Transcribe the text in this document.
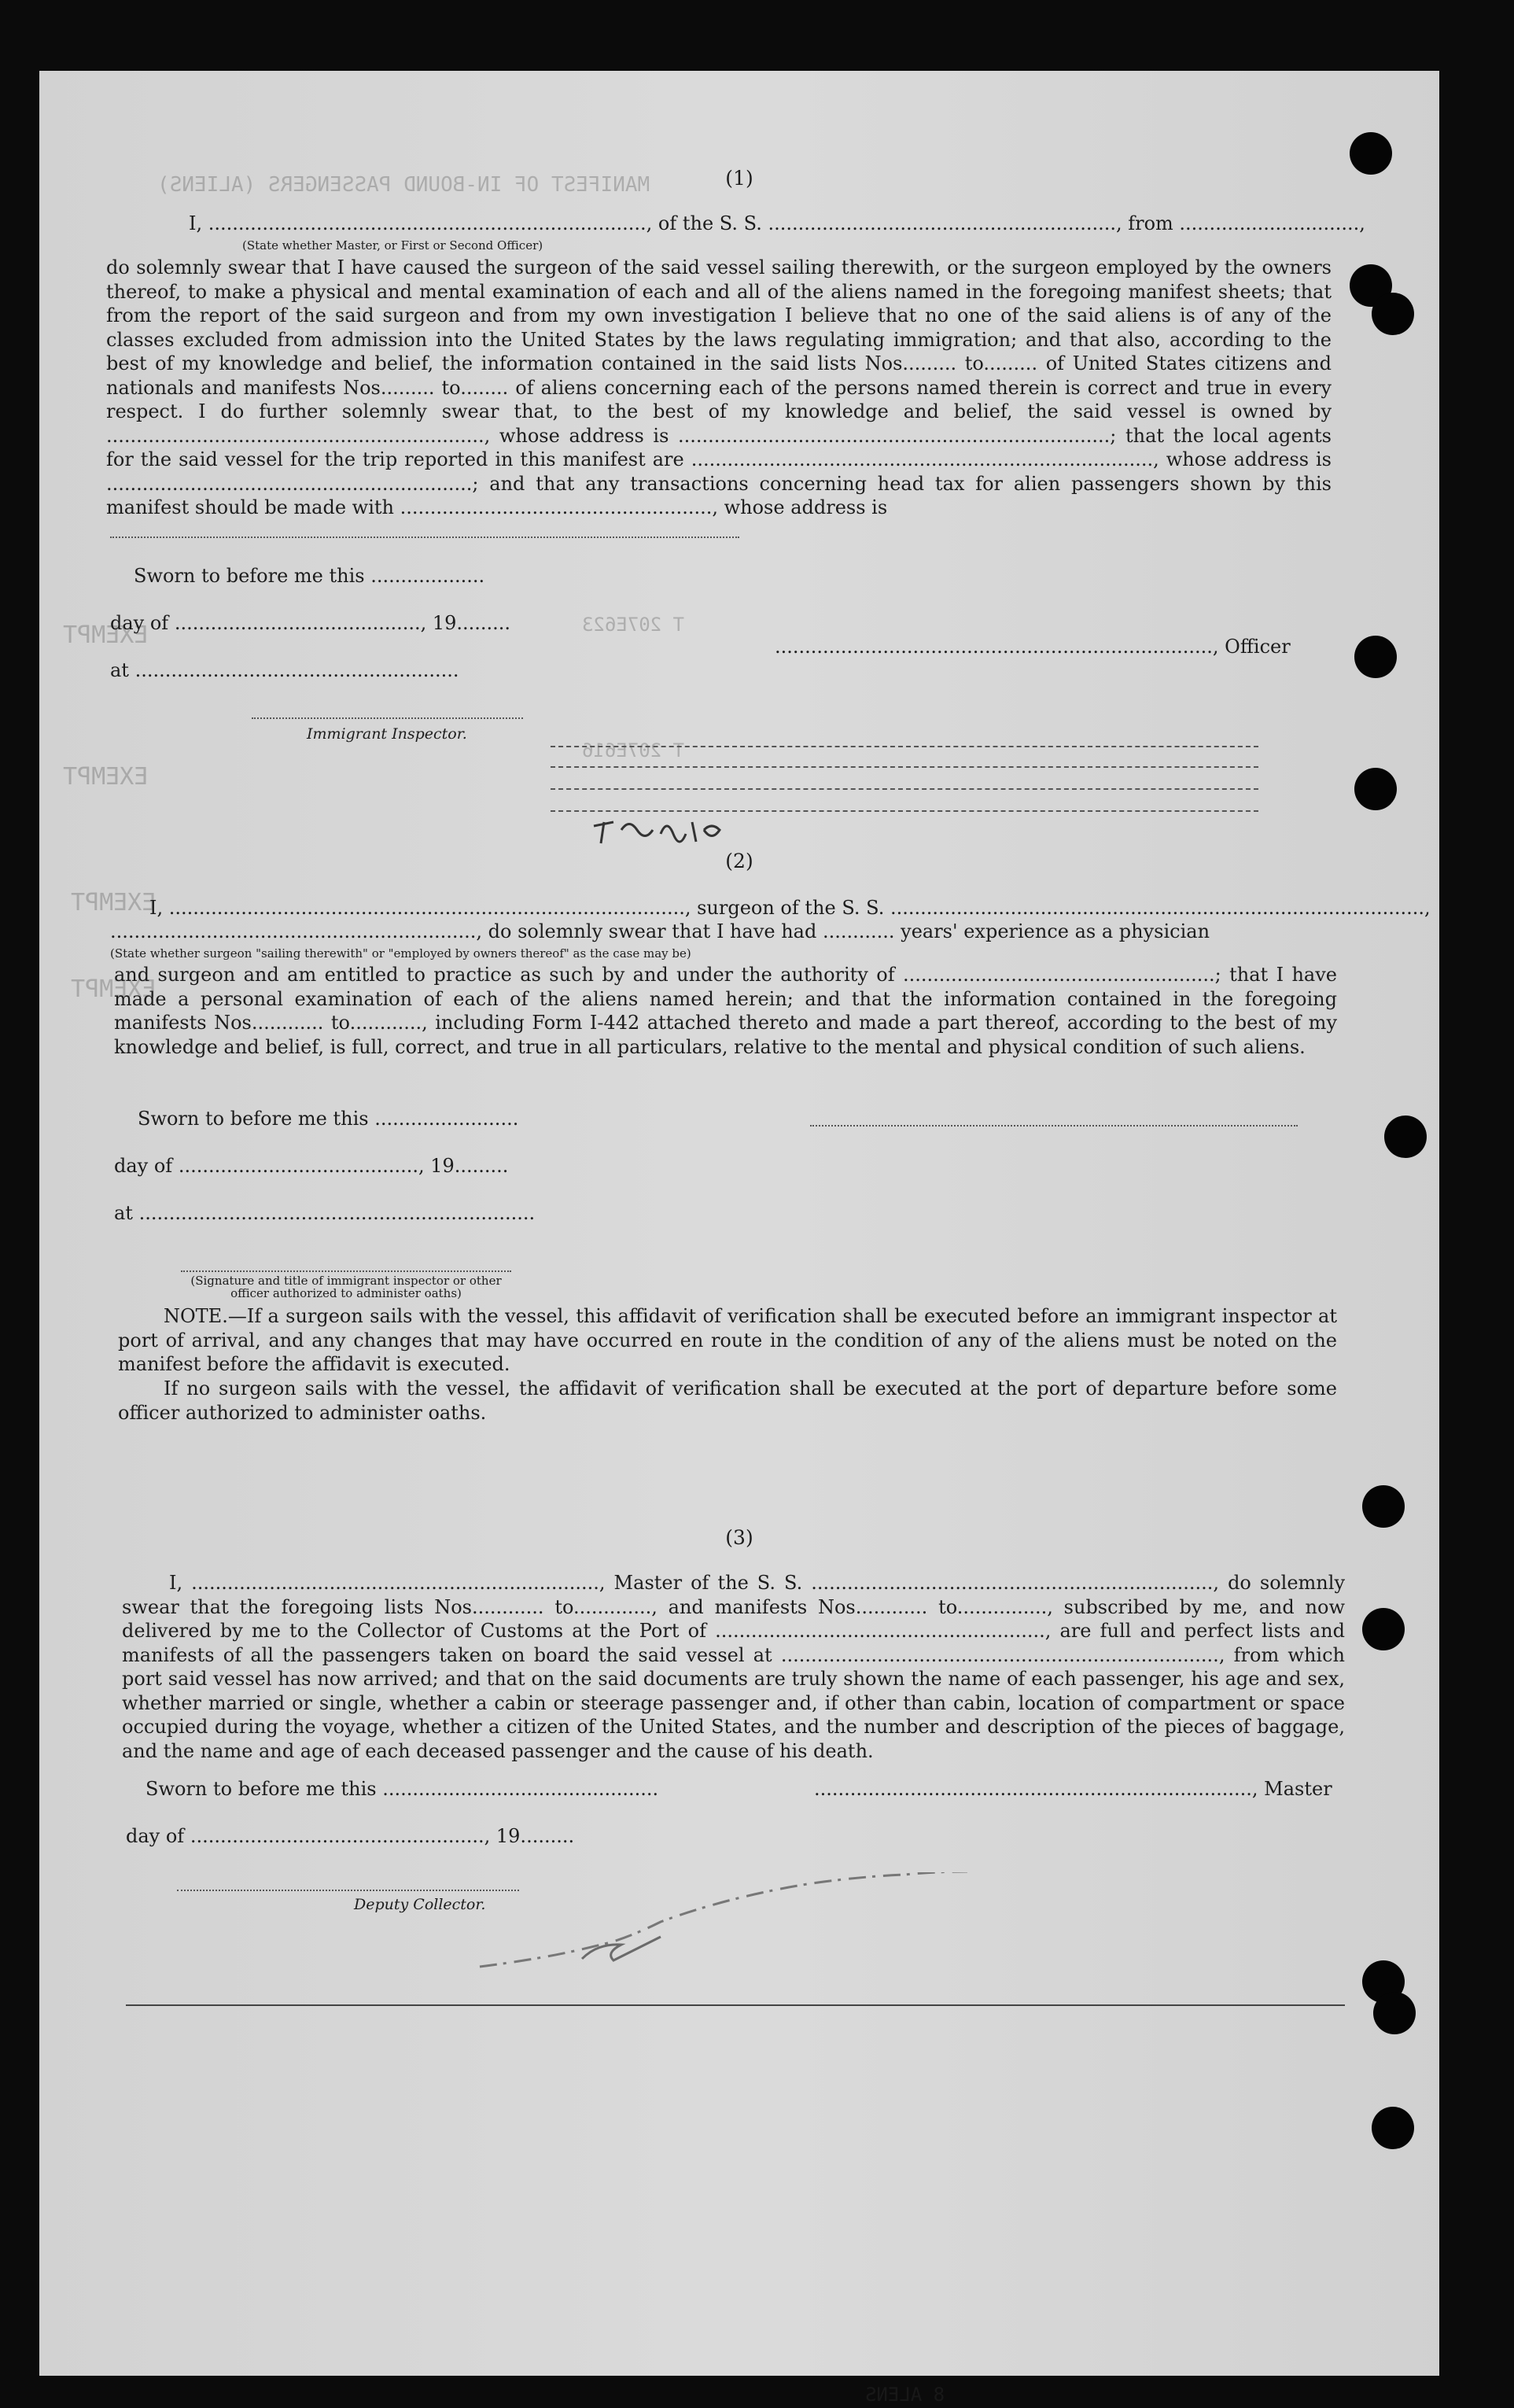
MANIFEST OF IN-BOUND PASSENGERS (ALIENS)
T 207E623
T 207E616
EXEMPT
EXEMPT
EXEMPT
EXEMPT
8 ALENS
(1)
I, ........................................................................., of the S. S. .........................................................., from ..............................,
(State whether Master, or First or Second Officer)
do solemnly swear that I have caused the surgeon of the said vessel sailing therewith, or the surgeon employed by the owners thereof, to make a physical and mental examination of each and all of the aliens named in the foregoing manifest sheets; that from the report of the said surgeon and from my own investigation I believe that no one of the said aliens is of any of the classes excluded from admission into the United States by the laws regulating immigration; and that also, according to the best of my knowledge and belief, the information contained in the said lists Nos......... to......... of United States citizens and nationals and manifests Nos......... to........ of aliens concerning each of the persons named therein is correct and true in every respect. I do further solemnly swear that, to the best of my knowledge and belief, the said vessel is owned by ..............................................................., whose address is ........................................................................; that the local agents for the said vessel for the trip reported in this manifest are ............................................................................., whose address is .............................................................; and that any transactions concerning head tax for alien passengers shown by this manifest should be made with ...................................................., whose address is
Sworn to before me this ...................
........................................................................., Officer
day of ........................................., 19.........
at ......................................................
Immigrant Inspector.
(2)
I, ......................................................................................, surgeon of the S. S. .........................................................................................,
............................................................., do solemnly swear that I have had ............ years' experience as a physician
(State whether surgeon "sailing therewith" or "employed by owners thereof" as the case may be)
and surgeon and am entitled to practice as such by and under the authority of ....................................................; that I have made a personal examination of each of the aliens named herein; and that the information contained in the foregoing manifests Nos............ to............, including Form I-442 attached thereto and made a part thereof, according to the best of my knowledge and belief, is full, correct, and true in all particulars, relative to the mental and physical condition of such aliens.
Sworn to before me this ........................
day of ........................................, 19.........
at ..................................................................
(Signature and title of immigrant inspector or other officer authorized to administer oaths)
NOTE.—If a surgeon sails with the vessel, this affidavit of verification shall be executed before an immigrant inspector at port of arrival, and any changes that may have occurred en route in the condition of any of the aliens must be noted on the manifest before the affidavit is executed.
If no surgeon sails with the vessel, the affidavit of verification shall be executed at the port of departure before some officer authorized to administer oaths.
(3)
I, ...................................................................., Master of the S. S. ..................................................................., do solemnly swear that the foregoing lists Nos............ to............., and manifests Nos............ to..............., subscribed by me, and now delivered by me to the Collector of Customs at the Port of ......................................................., are full and perfect lists and manifests of all the passengers taken on board the said vessel at ........................................................................., from which port said vessel has now arrived; and that on the said documents are truly shown the name of each passenger, his age and sex, whether married or single, whether a cabin or steerage passenger and, if other than cabin, location of compartment or space occupied during the voyage, whether a citizen of the United States, and the number and description of the pieces of baggage, and the name and age of each deceased passenger and the cause of his death.
Sworn to before me this ..............................................	........................................................................., Master
day of ................................................., 19.........
Deputy Collector.
